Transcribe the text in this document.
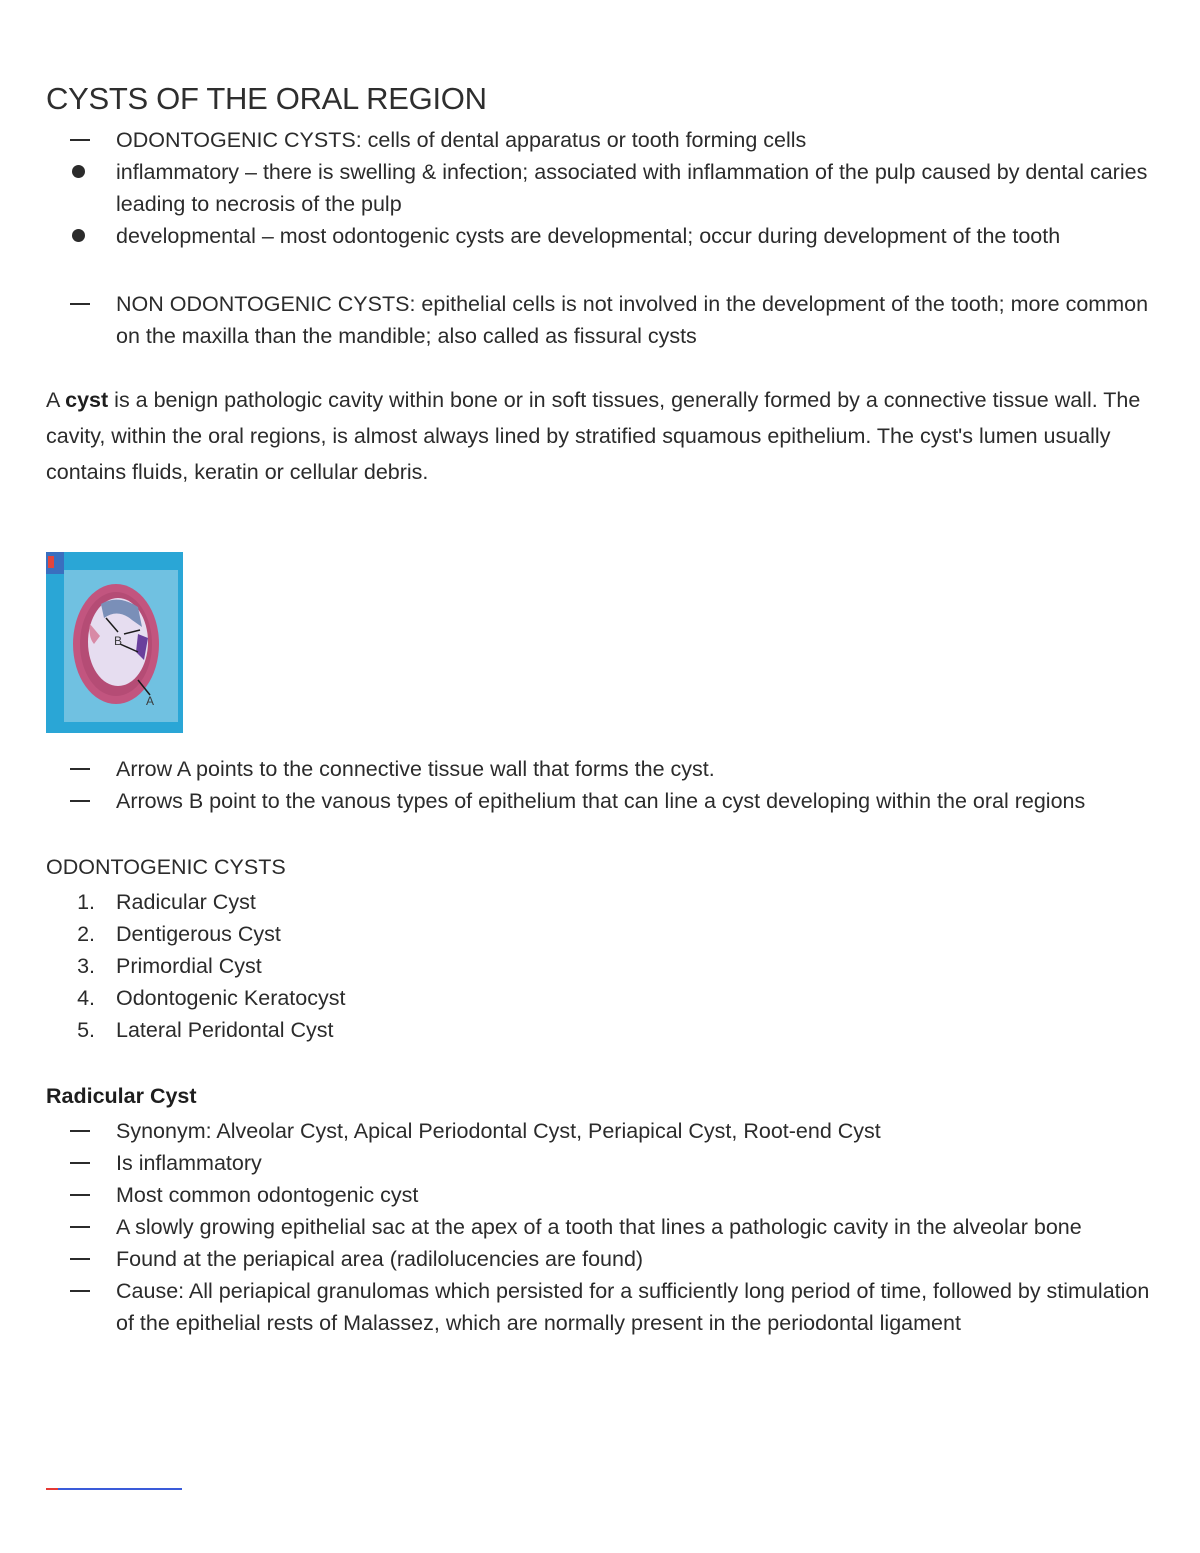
CYSTS OF THE ORAL REGION
ODONTOGENIC CYSTS: cells of dental apparatus or tooth forming cells
inflammatory – there is swelling & infection; associated with inflammation of the pulp caused by dental caries leading to necrosis of the pulp
developmental – most odontogenic cysts are developmental; occur during development of the tooth
NON ODONTOGENIC CYSTS: epithelial cells is not involved in the development of the tooth; more common on the maxilla than the mandible; also called as fissural cysts

A cyst is a benign pathologic cavity within bone or in soft tissues, generally formed by a connective tissue wall. The cavity, within the oral regions, is almost always lined by stratified squamous epithelium. The cyst's lumen usually contains fluids, keratin or cellular debris.

B
A
Arrow A points to the connective tissue wall that forms the cyst.
Arrows B point to the vanous types of epithelium that can line a cyst developing within the oral regions
ODONTOGENIC CYSTS
1. Radicular Cyst
2. Dentigerous Cyst
3. Primordial Cyst
4. Odontogenic Keratocyst
5. Lateral Peridontal Cyst
Radicular Cyst
Synonym: Alveolar Cyst, Apical Periodontal Cyst, Periapical Cyst, Root-end Cyst
Is inflammatory
Most common odontogenic cyst
A slowly growing epithelial sac at the apex of a tooth that lines a pathologic cavity in the alveolar bone
Found at the periapical area (radilolucencies are found)
Cause: All periapical granulomas which persisted for a sufficiently long period of time, followed by stimulation of the epithelial rests of Malassez, which are normally present in the periodontal ligament
